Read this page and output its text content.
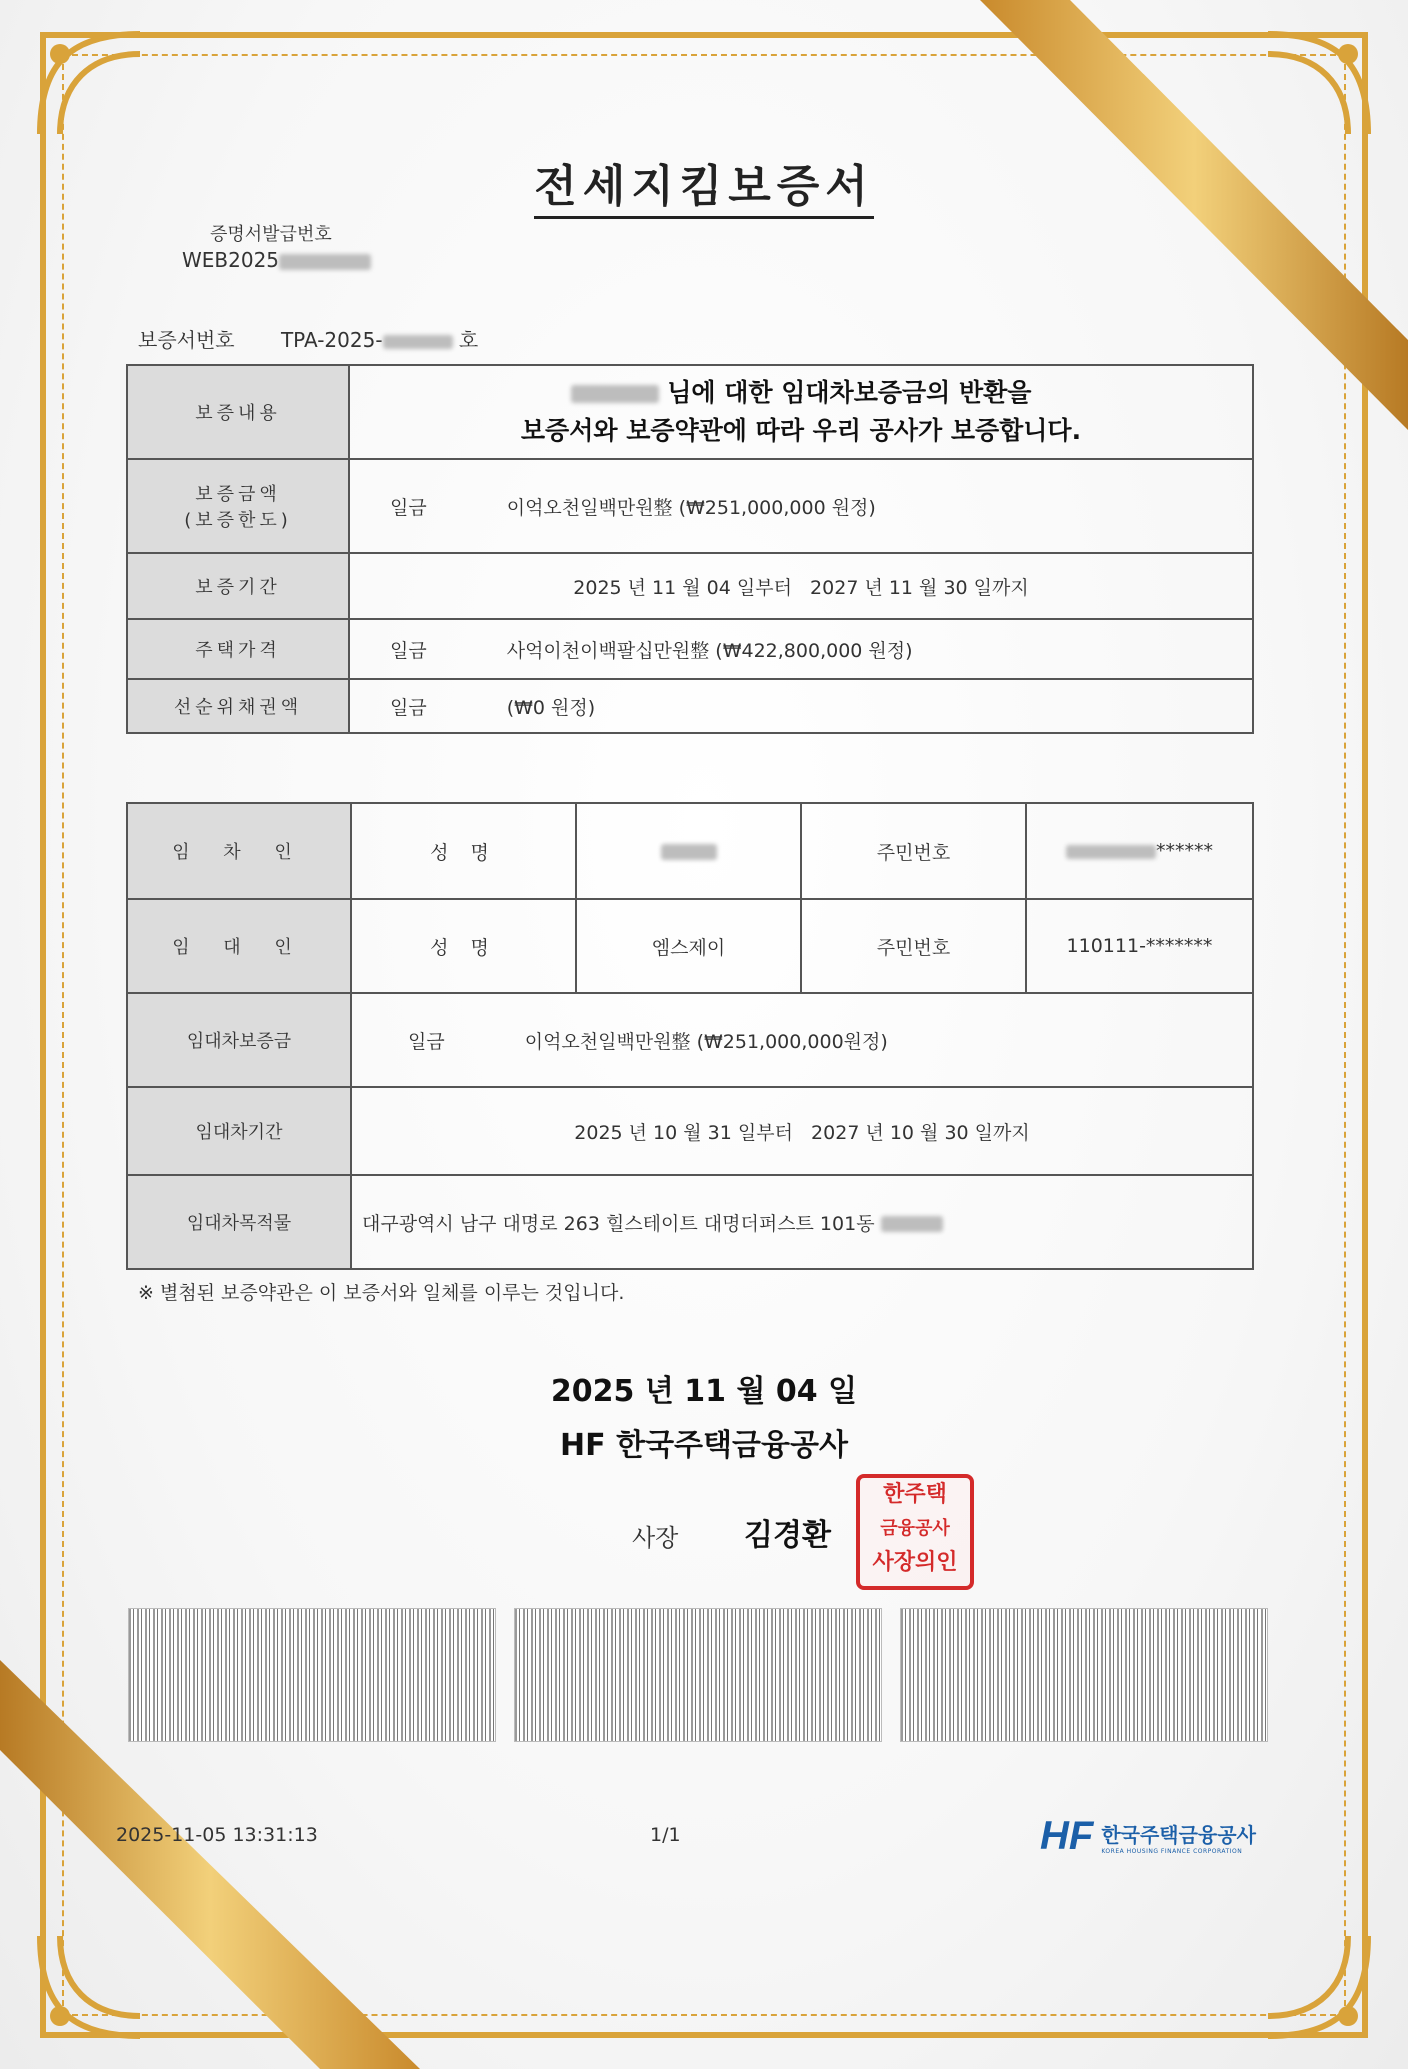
전세지킴보증서
증명서발급번호
WEB2025
보증서번호 TPA-2025-	호
보증내용	님에 대한 임대차보증금의 반환을
보증서와 보증약관에 따라 우리 공사가 보증합니다.

보증금액
(보증한도)	일금 이억오천일백만원整 (₩251,000,000 원정)
보증기간	2025 년 11 월 04 일부터   2027 년 11 월 30 일까지
주택가격	일금 사억이천이백팔십만원整 (₩422,800,000 원정)
선순위채권액	일금 (₩0 원정)
임 차 인	성 명		주민번호	******
임 대 인	성 명	엠스제이	주민번호	110111-*******
임대차보증금	일금 이억오천일백만원整 (₩251,000,000원정)			
임대차기간	2025 년 10 월 31 일부터   2027 년 10 월 30 일까지			
임대차목적물	대구광역시 남구 대명로 263 힐스테이트 대명더퍼스트 101동			
※ 별첨된 보증약관은 이 보증서와 일체를 이루는 것입니다.
2025 년 11 월 04 일
HF 한국주택금융공사
사장 김경환
한주택
금융공사
사장의인
2025-11-05 13:31:13	1/1	HF 한국주택금융공사
KOREA HOUSING FINANCE CORPORATION
